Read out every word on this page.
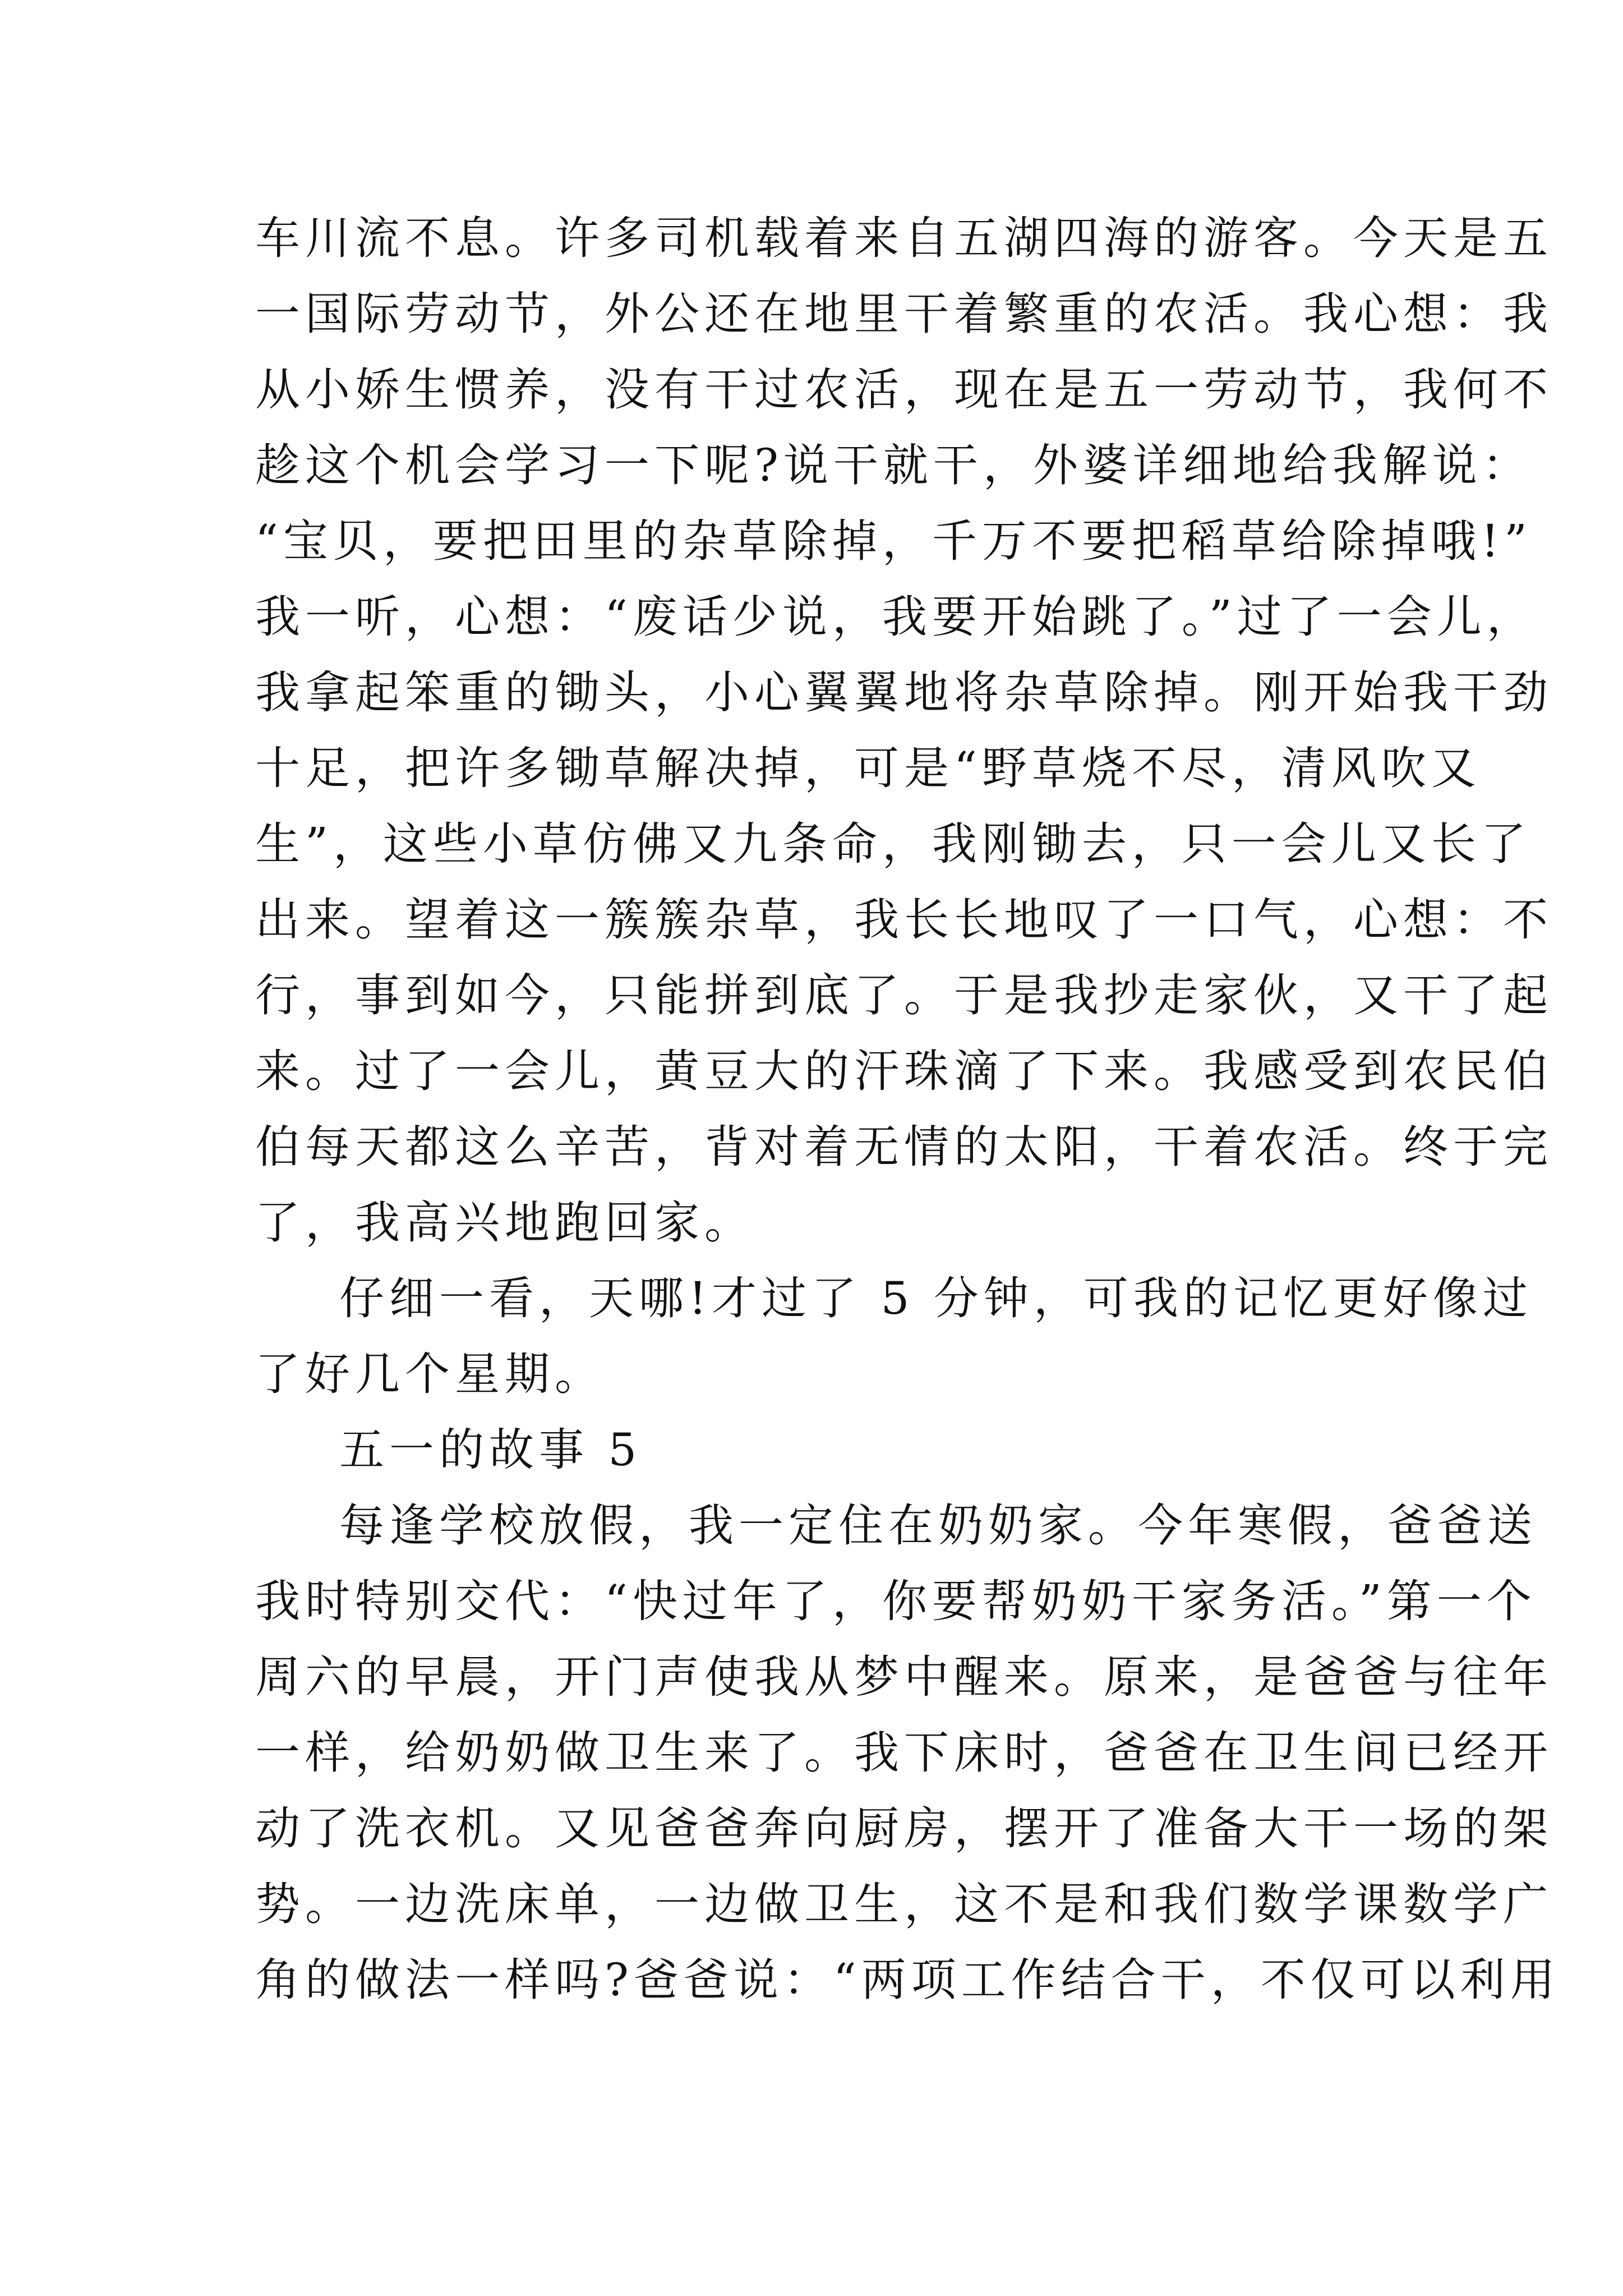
车川流不息。许多司机载着来自五湖四海的游客。今天是五
一国际劳动节，外公还在地里干着繁重的农活。我心想：我
从小娇生惯养，没有干过农活，现在是五一劳动节，我何不
趁这个机会学习一下呢?说干就干，外婆详细地给我解说：
“宝贝，要把田里的杂草除掉，千万不要把稻草给除掉哦!”
我一听，心想：“废话少说，我要开始跳了。”过了一会儿，
我拿起笨重的锄头，小心翼翼地将杂草除掉。刚开始我干劲
十足，把许多锄草解决掉，可是“野草烧不尽，清风吹又
生”，这些小草仿佛又九条命，我刚锄去，只一会儿又长了
出来。望着这一簇簇杂草，我长长地叹了一口气，心想：不
行，事到如今，只能拼到底了。于是我抄走家伙，又干了起
来。过了一会儿，黄豆大的汗珠滴了下来。我感受到农民伯
伯每天都这么辛苦，背对着无情的太阳，干着农活。终于完
了，我高兴地跑回家。
仔细一看，天哪!才过了 5 分钟，可我的记忆更好像过
了好几个星期。
五一的故事 5
每逢学校放假，我一定住在奶奶家。今年寒假，爸爸送
我时特别交代：“快过年了，你要帮奶奶干家务活。”第一个
周六的早晨，开门声使我从梦中醒来。原来，是爸爸与往年
一样，给奶奶做卫生来了。我下床时，爸爸在卫生间已经开
动了洗衣机。又见爸爸奔向厨房，摆开了准备大干一场的架
势。一边洗床单，一边做卫生，这不是和我们数学课数学广
角的做法一样吗?爸爸说：“两项工作结合干，不仅可以利用
